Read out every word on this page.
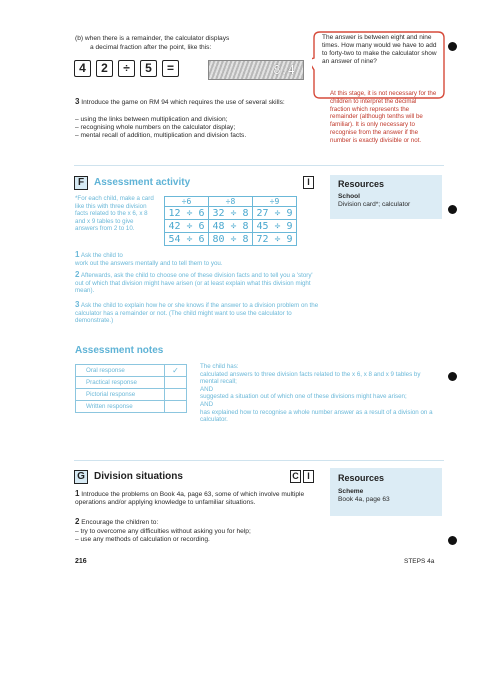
(b) when there is a remainder, the calculator displays
a decimal fraction after the point, like this:
4	2	÷	5	=	8.4
The answer is between eight and nine times. How many would we have to add to forty-two to make the calculator show an answer of nine?
3 Introduce the game on RM 94 which requires the use of several skills:
– using the links between multiplication and division;
– recognising whole numbers on the calculator display;
– mental recall of addition, multiplication and division facts.
At this stage, it is not necessary for the children to interpret the decimal fraction which represents the remainder (although tenths will be familiar). It is only necessary to recognise from the answer if the number is exactly divisible or not.
F Assessment activity	I	Resources
School
Division card*; calculator
*For each child, make a card like this with three division facts related to the x 6, x 8 and x 9 tables to give answers from 2 to 10.
÷6	÷8	÷9
12 ÷ 6	32 ÷ 8	27 ÷ 9
42 ÷ 6	48 ÷ 8	45 ÷ 9
54 ÷ 6	80 ÷ 8	72 ÷ 9
1 Ask the child to
work out the answers mentally and to tell them to you.
2 Afterwards, ask the child to choose one of these division facts and to tell you a 'story' out of which that division might have arisen (or at least explain what this division might mean).
3 Ask the child to explain how he or she knows if the answer to a division problem on the calculator has a remainder or not. (The child might want to use the calculator to demonstrate.)
Assessment notes
Oral response	✓
Practical response	
Pictorial response	
Written response	
The child has:
calculated answers to three division facts related to the x 6, x 8 and x 9 tables by mental recall;
AND
suggested a situation out of which one of these divisions might have arisen;
AND
has explained how to recognise a whole number answer as a result of a division on a calculator.
G Division situations	C I	Resources
Scheme
Book 4a, page 63
1 Introduce the problems on Book 4a, page 63, some of which involve multiple operations and/or applying knowledge to unfamiliar situations.
2 Encourage the children to:
– try to overcome any difficulties without asking you for help;
– use any methods of calculation or recording.
216	STEPS 4a
